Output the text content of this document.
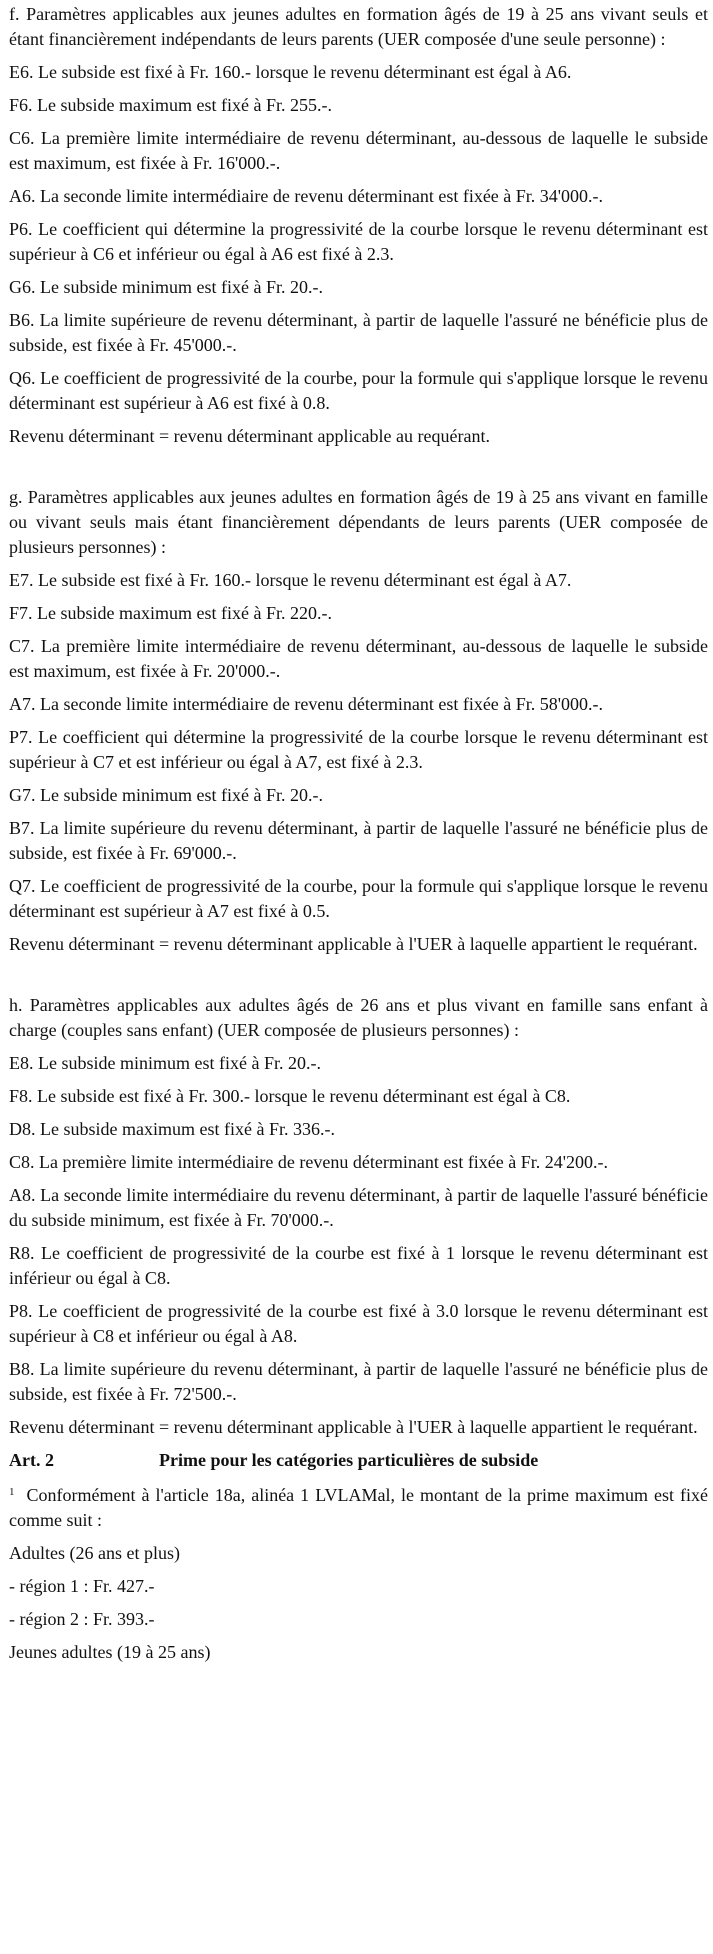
f. Paramètres applicables aux jeunes adultes en formation âgés de 19 à 25 ans vivant seuls et étant financièrement indépendants de leurs parents (UER composée d'une seule personne) :

E6. Le subside est fixé à Fr. 160.- lorsque le revenu déterminant est égal à A6.

F6. Le subside maximum est fixé à Fr. 255.-.

C6. La première limite intermédiaire de revenu déterminant, au-dessous de laquelle le subside est maximum, est fixée à Fr. 16'000.-.

A6. La seconde limite intermédiaire de revenu déterminant est fixée à Fr. 34'000.-.

P6. Le coefficient qui détermine la progressivité de la courbe lorsque le revenu déterminant est supérieur à C6 et inférieur ou égal à A6 est fixé à 2.3.

G6. Le subside minimum est fixé à Fr. 20.-.

B6. La limite supérieure de revenu déterminant, à partir de laquelle l'assuré ne bénéficie plus de subside, est fixée à Fr. 45'000.-.

Q6. Le coefficient de progressivité de la courbe, pour la formule qui s'applique lorsque le revenu déterminant est supérieur à A6 est fixé à 0.8.

Revenu déterminant = revenu déterminant applicable au requérant.

g. Paramètres applicables aux jeunes adultes en formation âgés de 19 à 25 ans vivant en famille ou vivant seuls mais étant financièrement dépendants de leurs parents (UER composée de plusieurs personnes) :

E7. Le subside est fixé à Fr. 160.- lorsque le revenu déterminant est égal à A7.

F7. Le subside maximum est fixé à Fr. 220.-.

C7. La première limite intermédiaire de revenu déterminant, au-dessous de laquelle le subside est maximum, est fixée à Fr. 20'000.-.

A7. La seconde limite intermédiaire de revenu déterminant est fixée à Fr. 58'000.-.

P7. Le coefficient qui détermine la progressivité de la courbe lorsque le revenu déterminant est supérieur à C7 et est inférieur ou égal à A7, est fixé à 2.3.

G7. Le subside minimum est fixé à Fr. 20.-.

B7. La limite supérieure du revenu déterminant, à partir de laquelle l'assuré ne bénéficie plus de subside, est fixée à Fr. 69'000.-.

Q7. Le coefficient de progressivité de la courbe, pour la formule qui s'applique lorsque le revenu déterminant est supérieur à A7 est fixé à 0.5.

Revenu déterminant = revenu déterminant applicable à l'UER à laquelle appartient le requérant.

h. Paramètres applicables aux adultes âgés de 26 ans et plus vivant en famille sans enfant à charge (couples sans enfant) (UER composée de plusieurs personnes) :

E8. Le subside minimum est fixé à Fr. 20.-.

F8. Le subside est fixé à Fr. 300.- lorsque le revenu déterminant est égal à C8.

D8. Le subside maximum est fixé à Fr. 336.-.

C8. La première limite intermédiaire de revenu déterminant est fixée à Fr. 24'200.-.

A8. La seconde limite intermédiaire du revenu déterminant, à partir de laquelle l'assuré bénéficie du subside minimum, est fixée à Fr. 70'000.-.

R8. Le coefficient de progressivité de la courbe est fixé à 1 lorsque le revenu déterminant est inférieur ou égal à C8.

P8. Le coefficient de progressivité de la courbe est fixé à 3.0 lorsque le revenu déterminant est supérieur à C8 et inférieur ou égal à A8.

B8. La limite supérieure du revenu déterminant, à partir de laquelle l'assuré ne bénéficie plus de subside, est fixée à Fr. 72'500.-.

Revenu déterminant = revenu déterminant applicable à l'UER à laquelle appartient le requérant.

Art. 2	Prime pour les catégories particulières de subside

$^1$ Conformément à l'article 18a, alinéa 1 LVLAMal, le montant de la prime maximum est fixé comme suit :

Adultes (26 ans et plus)

- région 1 : Fr. 427.-

- région 2 : Fr. 393.-

Jeunes adultes (19 à 25 ans)
